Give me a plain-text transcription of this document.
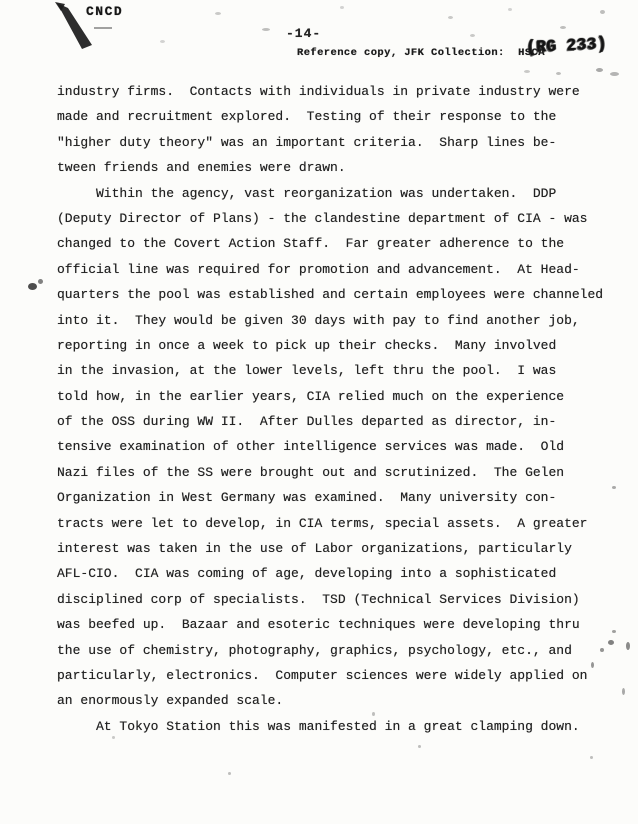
CNCD
-14-
Reference copy, JFK Collection:  HSCA
(RG 233)
industry firms.  Contacts with individuals in private industry were
made and recruitment explored.  Testing of their response to the
"higher duty theory" was an important criteria.  Sharp lines be-
tween friends and enemies were drawn.
Within the agency, vast reorganization was undertaken.  DDP
(Deputy Director of Plans) - the clandestine department of CIA - was
changed to the Covert Action Staff.  Far greater adherence to the
official line was required for promotion and advancement.  At Head-
quarters the pool was established and certain employees were channeled
into it.  They would be given 30 days with pay to find another job,
reporting in once a week to pick up their checks.  Many involved
in the invasion, at the lower levels, left thru the pool.  I was
told how, in the earlier years, CIA relied much on the experience
of the OSS during WW II.  After Dulles departed as director, in-
tensive examination of other intelligence services was made.  Old
Nazi files of the SS were brought out and scrutinized.  The Gelen
Organization in West Germany was examined.  Many university con-
tracts were let to develop, in CIA terms, special assets.  A greater
interest was taken in the use of Labor organizations, particularly
AFL-CIO.  CIA was coming of age, developing into a sophisticated
disciplined corp of specialists.  TSD (Technical Services Division)
was beefed up.  Bazaar and esoteric techniques were developing thru
the use of chemistry, photography, graphics, psychology, etc., and
particularly, electronics.  Computer sciences were widely applied on
an enormously expanded scale.
At Tokyo Station this was manifested in a great clamping down.
